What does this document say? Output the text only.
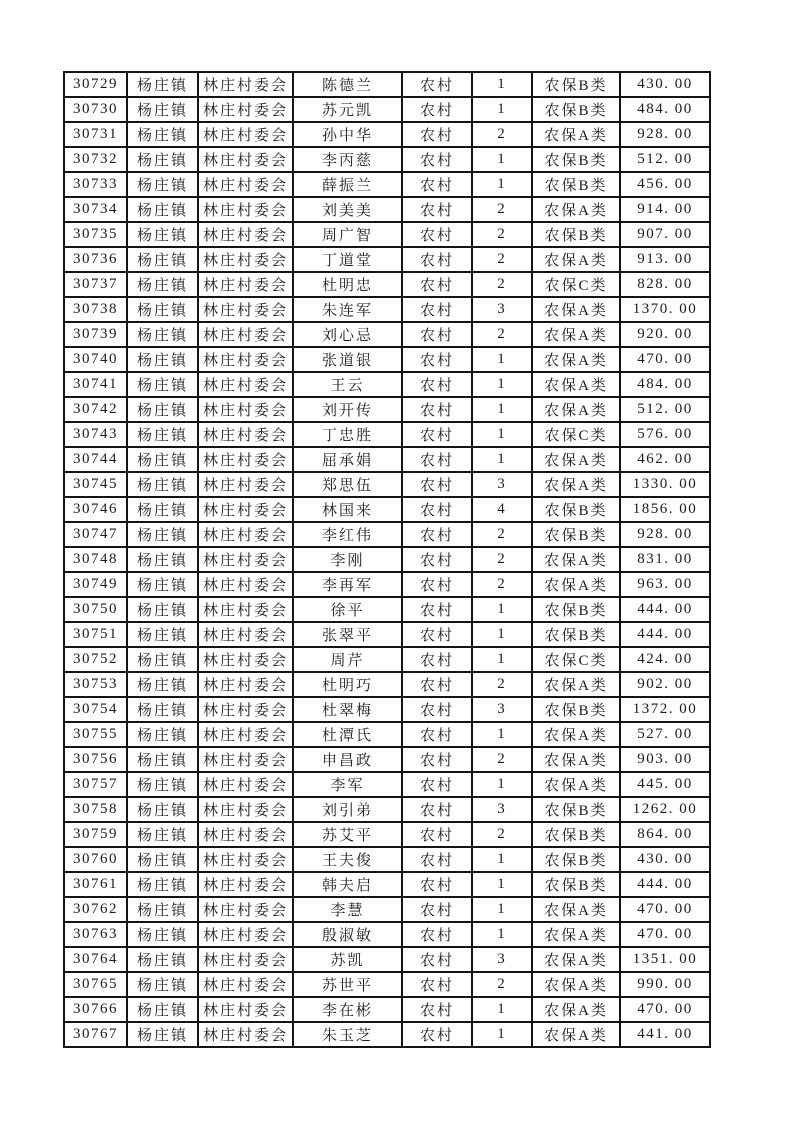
30729	杨庄镇	林庄村委会	陈德兰	农村	1	农保B类	430. 00
30730	杨庄镇	林庄村委会	苏元凯	农村	1	农保B类	484. 00
30731	杨庄镇	林庄村委会	孙中华	农村	2	农保A类	928. 00
30732	杨庄镇	林庄村委会	李丙慈	农村	1	农保B类	512. 00
30733	杨庄镇	林庄村委会	薛振兰	农村	1	农保B类	456. 00
30734	杨庄镇	林庄村委会	刘美美	农村	2	农保A类	914. 00
30735	杨庄镇	林庄村委会	周广智	农村	2	农保B类	907. 00
30736	杨庄镇	林庄村委会	丁道堂	农村	2	农保A类	913. 00
30737	杨庄镇	林庄村委会	杜明忠	农村	2	农保C类	828. 00
30738	杨庄镇	林庄村委会	朱连军	农村	3	农保A类	1370. 00
30739	杨庄镇	林庄村委会	刘心忌	农村	2	农保A类	920. 00
30740	杨庄镇	林庄村委会	张道银	农村	1	农保A类	470. 00
30741	杨庄镇	林庄村委会	王云	农村	1	农保A类	484. 00
30742	杨庄镇	林庄村委会	刘开传	农村	1	农保A类	512. 00
30743	杨庄镇	林庄村委会	丁忠胜	农村	1	农保C类	576. 00
30744	杨庄镇	林庄村委会	屈承娟	农村	1	农保A类	462. 00
30745	杨庄镇	林庄村委会	郑思伍	农村	3	农保A类	1330. 00
30746	杨庄镇	林庄村委会	林国来	农村	4	农保B类	1856. 00
30747	杨庄镇	林庄村委会	李红伟	农村	2	农保B类	928. 00
30748	杨庄镇	林庄村委会	李刚	农村	2	农保A类	831. 00
30749	杨庄镇	林庄村委会	李再军	农村	2	农保A类	963. 00
30750	杨庄镇	林庄村委会	徐平	农村	1	农保B类	444. 00
30751	杨庄镇	林庄村委会	张翠平	农村	1	农保B类	444. 00
30752	杨庄镇	林庄村委会	周芹	农村	1	农保C类	424. 00
30753	杨庄镇	林庄村委会	杜明巧	农村	2	农保A类	902. 00
30754	杨庄镇	林庄村委会	杜翠梅	农村	3	农保B类	1372. 00
30755	杨庄镇	林庄村委会	杜潭氏	农村	1	农保A类	527. 00
30756	杨庄镇	林庄村委会	申昌政	农村	2	农保A类	903. 00
30757	杨庄镇	林庄村委会	李军	农村	1	农保A类	445. 00
30758	杨庄镇	林庄村委会	刘引弟	农村	3	农保B类	1262. 00
30759	杨庄镇	林庄村委会	苏艾平	农村	2	农保B类	864. 00
30760	杨庄镇	林庄村委会	王夫俊	农村	1	农保B类	430. 00
30761	杨庄镇	林庄村委会	韩夫启	农村	1	农保B类	444. 00
30762	杨庄镇	林庄村委会	李慧	农村	1	农保A类	470. 00
30763	杨庄镇	林庄村委会	殷淑敏	农村	1	农保A类	470. 00
30764	杨庄镇	林庄村委会	苏凯	农村	3	农保A类	1351. 00
30765	杨庄镇	林庄村委会	苏世平	农村	2	农保A类	990. 00
30766	杨庄镇	林庄村委会	李在彬	农村	1	农保A类	470. 00
30767	杨庄镇	林庄村委会	朱玉芝	农村	1	农保A类	441. 00
